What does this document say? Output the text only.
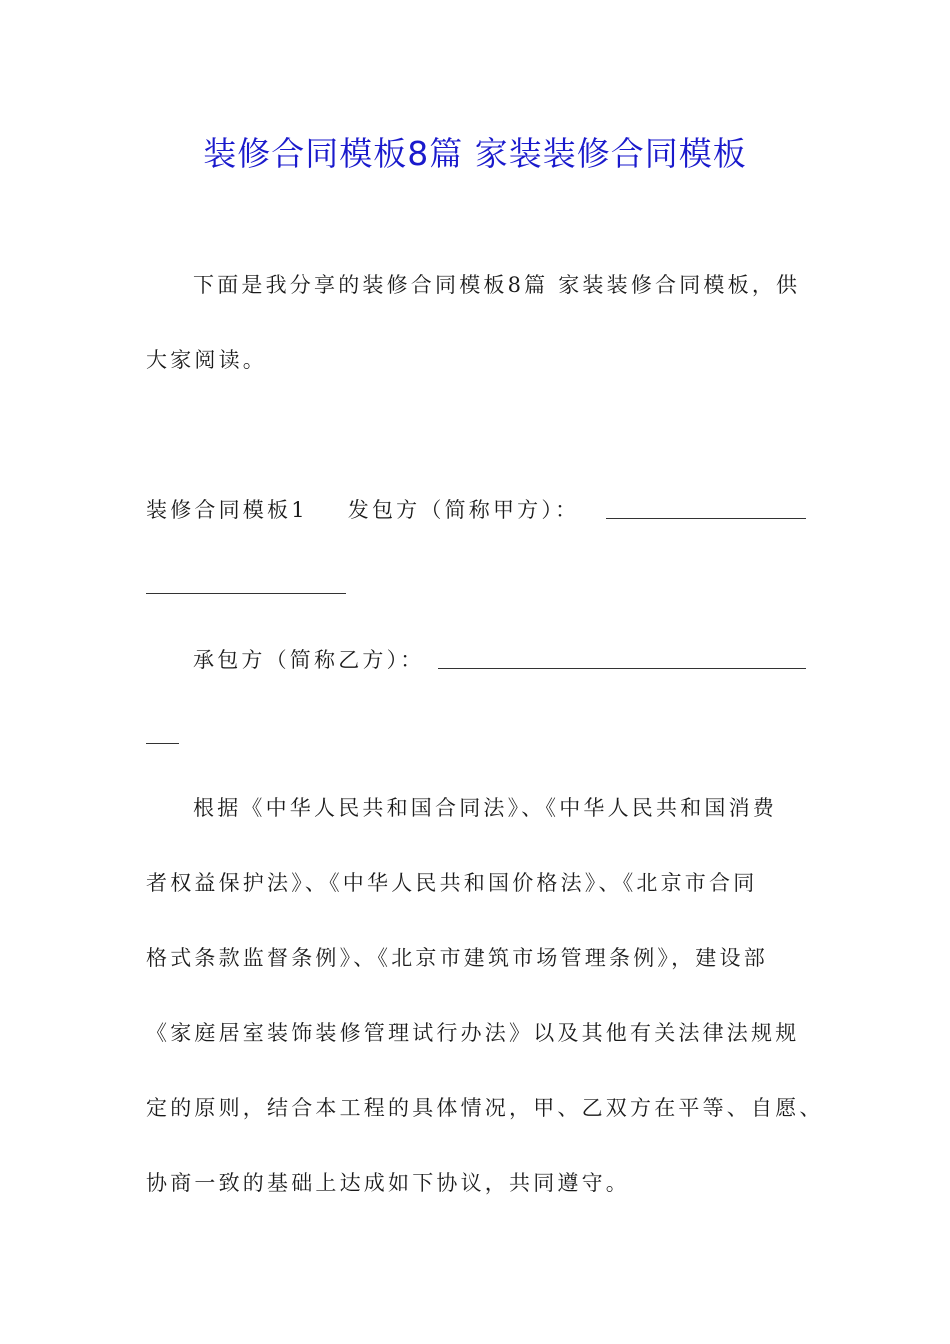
装修合同模板8篇 家装装修合同模板
下面是我分享的装修合同模板8篇 家装装修合同模板，供
大家阅读。
装修合同模板1 发包方（简称甲方）：
承包方（简称乙方）：
根据《中华人民共和国合同法》、《中华人民共和国消费
者权益保护法》、《中华人民共和国价格法》、《北京市合同
格式条款监督条例》、《北京市建筑市场管理条例》，建设部
《家庭居室装饰装修管理试行办法》以及其他有关法律法规规
定的原则，结合本工程的具体情况，甲、乙双方在平等、自愿、
协商一致的基础上达成如下协议，共同遵守。
